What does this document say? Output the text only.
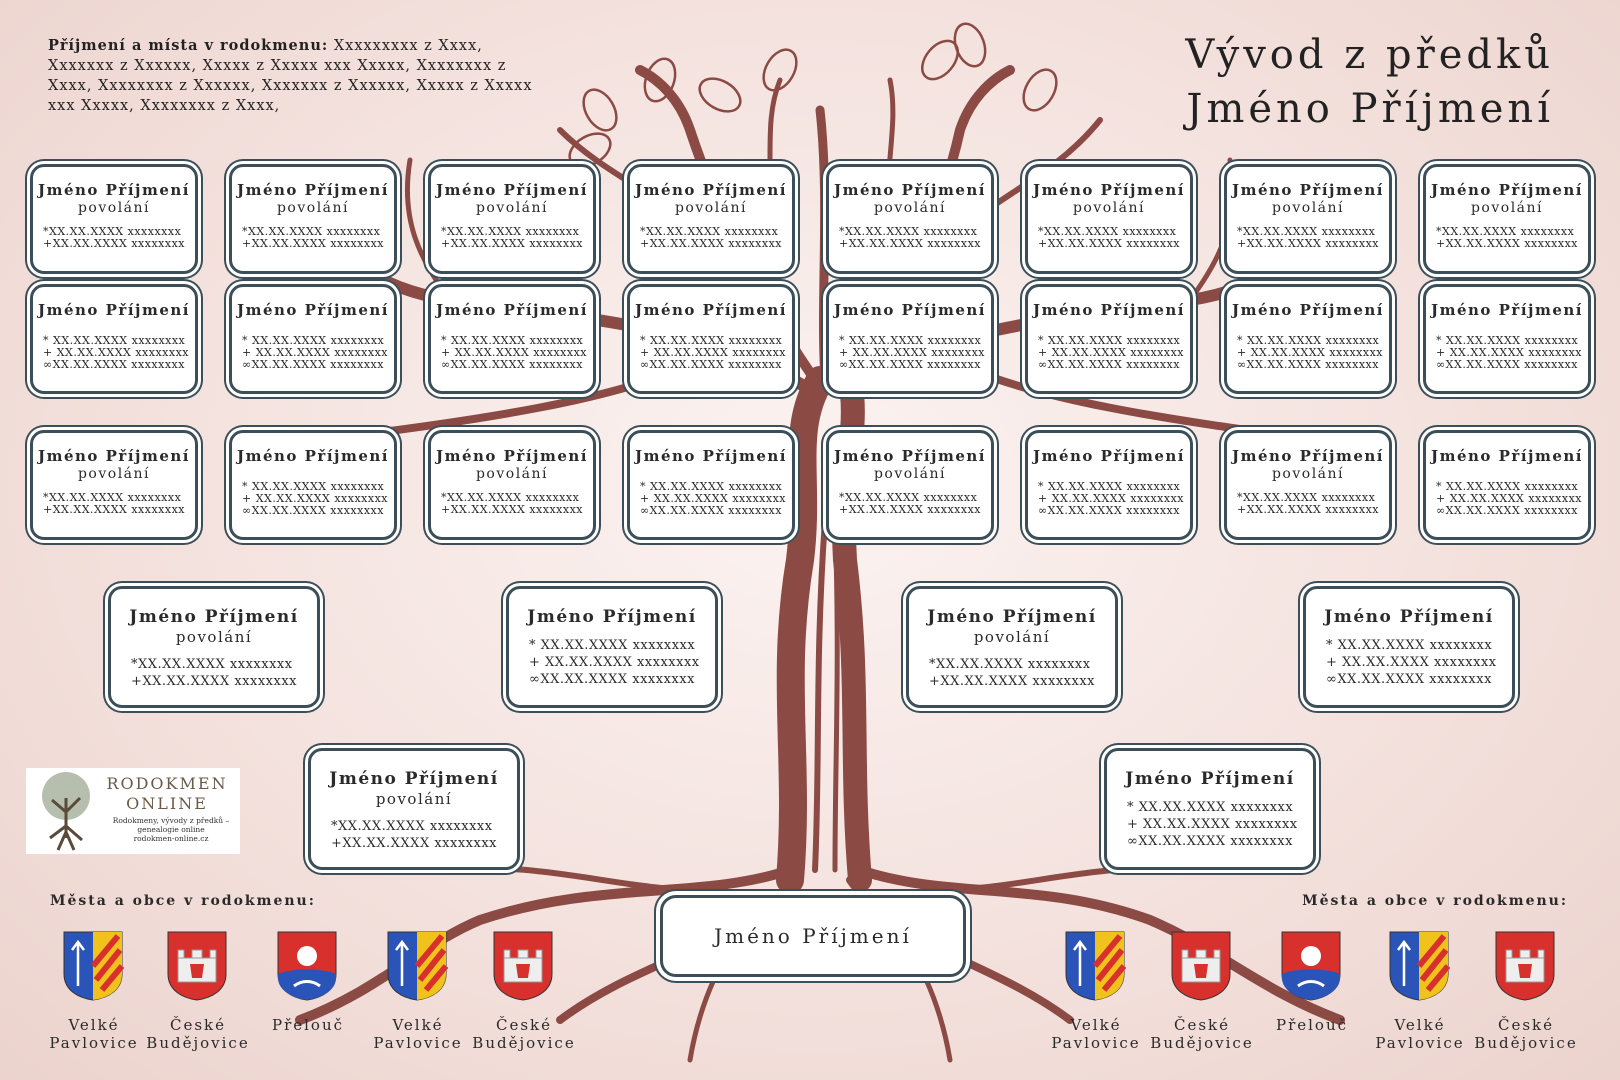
Příjmení a místa v rodokmenu: Xxxxxxxxx z Xxxx, Xxxxxxx z Xxxxxx, Xxxxx z Xxxxx xxx Xxxxx, Xxxxxxxx z Xxxx, Xxxxxxxx z Xxxxxx, Xxxxxxx z Xxxxxx, Xxxxx z Xxxxx xxx Xxxxx, Xxxxxxxx z Xxxx,
Vývod z předků
Jméno Příjmení
Jméno Příjmení
povolání
*XX.XX.XXXX xxxxxxxx
+XX.XX.XXXX xxxxxxxx
Jméno Příjmení
povolání
*XX.XX.XXXX xxxxxxxx
+XX.XX.XXXX xxxxxxxx
Jméno Příjmení
povolání
*XX.XX.XXXX xxxxxxxx
+XX.XX.XXXX xxxxxxxx
Jméno Příjmení
povolání
*XX.XX.XXXX xxxxxxxx
+XX.XX.XXXX xxxxxxxx
Jméno Příjmení
povolání
*XX.XX.XXXX xxxxxxxx
+XX.XX.XXXX xxxxxxxx
Jméno Příjmení
povolání
*XX.XX.XXXX xxxxxxxx
+XX.XX.XXXX xxxxxxxx
Jméno Příjmení
povolání
*XX.XX.XXXX xxxxxxxx
+XX.XX.XXXX xxxxxxxx
Jméno Příjmení
povolání
*XX.XX.XXXX xxxxxxxx
+XX.XX.XXXX xxxxxxxx
Jméno Příjmení
* XX.XX.XXXX xxxxxxxx
+ XX.XX.XXXX xxxxxxxx
∞XX.XX.XXXX xxxxxxxx
Jméno Příjmení
* XX.XX.XXXX xxxxxxxx
+ XX.XX.XXXX xxxxxxxx
∞XX.XX.XXXX xxxxxxxx
Jméno Příjmení
* XX.XX.XXXX xxxxxxxx
+ XX.XX.XXXX xxxxxxxx
∞XX.XX.XXXX xxxxxxxx
Jméno Příjmení
* XX.XX.XXXX xxxxxxxx
+ XX.XX.XXXX xxxxxxxx
∞XX.XX.XXXX xxxxxxxx
Jméno Příjmení
* XX.XX.XXXX xxxxxxxx
+ XX.XX.XXXX xxxxxxxx
∞XX.XX.XXXX xxxxxxxx
Jméno Příjmení
* XX.XX.XXXX xxxxxxxx
+ XX.XX.XXXX xxxxxxxx
∞XX.XX.XXXX xxxxxxxx
Jméno Příjmení
* XX.XX.XXXX xxxxxxxx
+ XX.XX.XXXX xxxxxxxx
∞XX.XX.XXXX xxxxxxxx
Jméno Příjmení
* XX.XX.XXXX xxxxxxxx
+ XX.XX.XXXX xxxxxxxx
∞XX.XX.XXXX xxxxxxxx
Jméno Příjmení
povolání
*XX.XX.XXXX xxxxxxxx
+XX.XX.XXXX xxxxxxxx
Jméno Příjmení
* XX.XX.XXXX xxxxxxxx
+ XX.XX.XXXX xxxxxxxx
∞XX.XX.XXXX xxxxxxxx
Jméno Příjmení
povolání
*XX.XX.XXXX xxxxxxxx
+XX.XX.XXXX xxxxxxxx
Jméno Příjmení
* XX.XX.XXXX xxxxxxxx
+ XX.XX.XXXX xxxxxxxx
∞XX.XX.XXXX xxxxxxxx
Jméno Příjmení
povolání
*XX.XX.XXXX xxxxxxxx
+XX.XX.XXXX xxxxxxxx
Jméno Příjmení
* XX.XX.XXXX xxxxxxxx
+ XX.XX.XXXX xxxxxxxx
∞XX.XX.XXXX xxxxxxxx
Jméno Příjmení
povolání
*XX.XX.XXXX xxxxxxxx
+XX.XX.XXXX xxxxxxxx
Jméno Příjmení
* XX.XX.XXXX xxxxxxxx
+ XX.XX.XXXX xxxxxxxx
∞XX.XX.XXXX xxxxxxxx
Jméno Příjmení
povolání
*XX.XX.XXXX xxxxxxxx
+XX.XX.XXXX xxxxxxxx
Jméno Příjmení
* XX.XX.XXXX xxxxxxxx
+ XX.XX.XXXX xxxxxxxx
∞XX.XX.XXXX xxxxxxxx
Jméno Příjmení
povolání
*XX.XX.XXXX xxxxxxxx
+XX.XX.XXXX xxxxxxxx
Jméno Příjmení
* XX.XX.XXXX xxxxxxxx
+ XX.XX.XXXX xxxxxxxx
∞XX.XX.XXXX xxxxxxxx
Jméno Příjmení
povolání
*XX.XX.XXXX xxxxxxxx
+XX.XX.XXXX xxxxxxxx
Jméno Příjmení
* XX.XX.XXXX xxxxxxxx
+ XX.XX.XXXX xxxxxxxx
∞XX.XX.XXXX xxxxxxxx
Jméno Příjmení
RODOKMEN ONLINE
Rodokmeny, vývody z předků – genealogie online
rodokmen-online.cz
Města a obce v rodokmenu:	Města a obce v rodokmenu:
Velké Pavlovice
České Budějovice
Přelouč	Velké Pavlovice
České Budějovice
Velké Pavlovice
České Budějovice
Přelouč	Velké Pavlovice
České Budějovice
